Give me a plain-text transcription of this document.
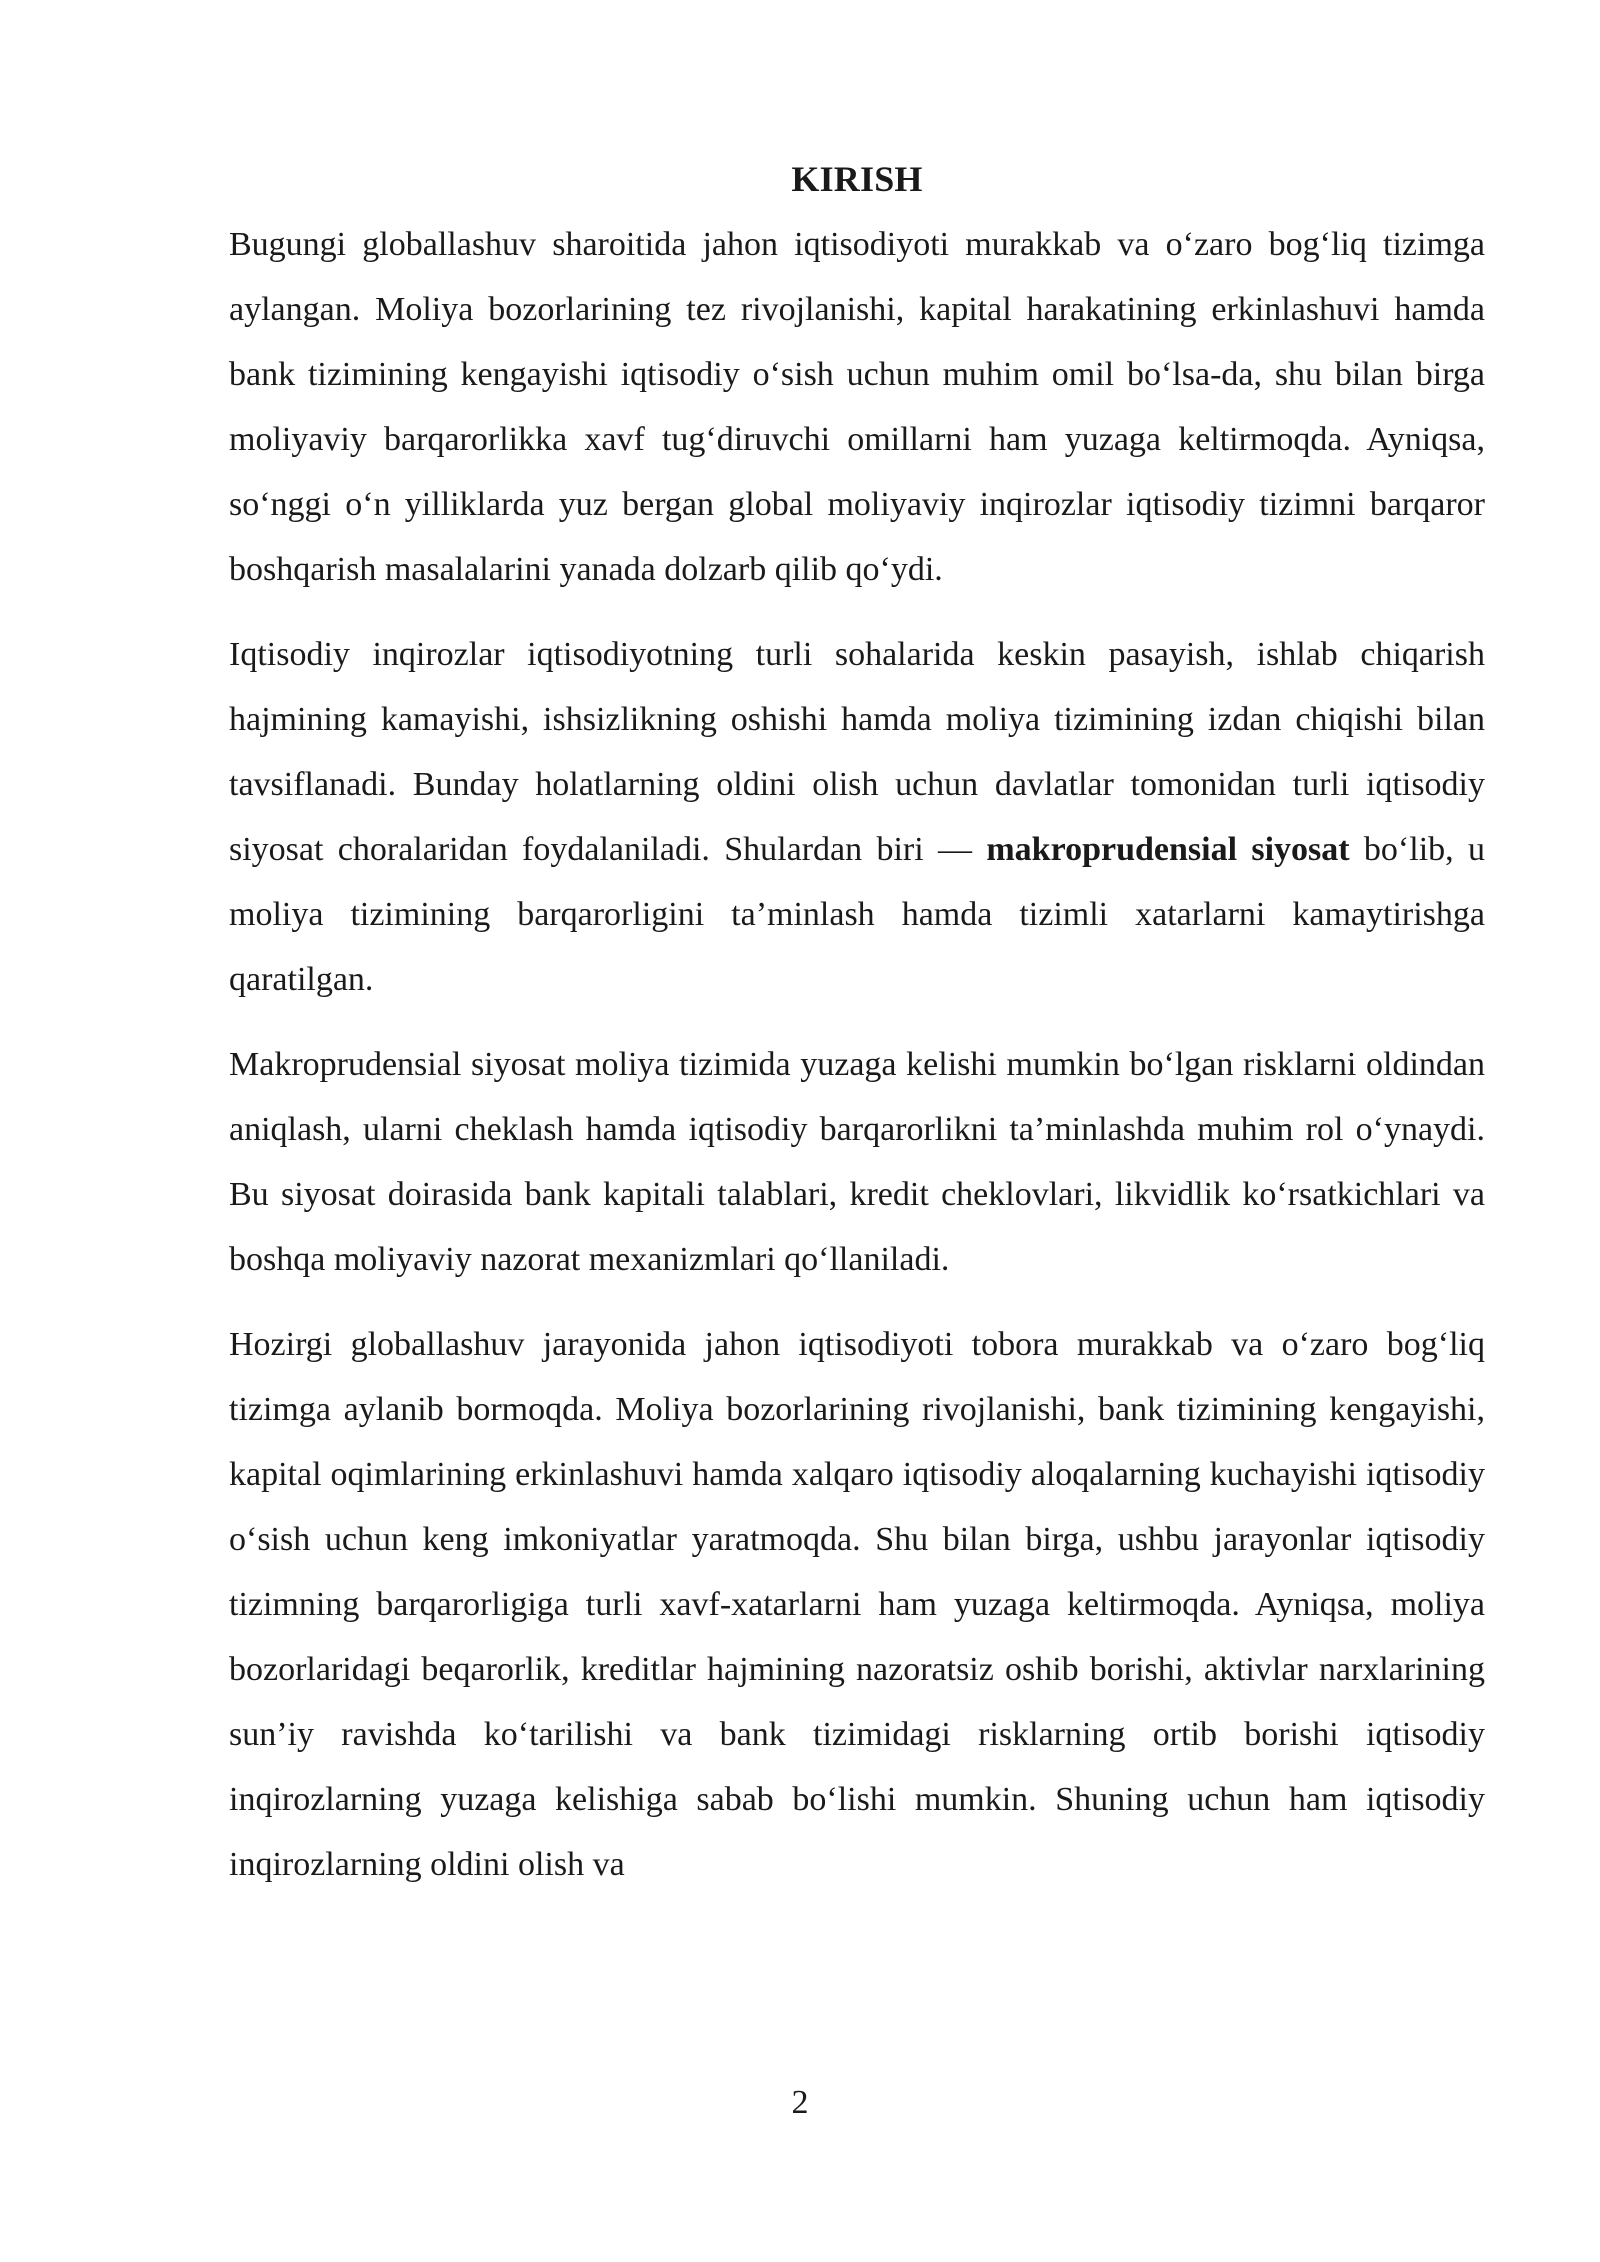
KIRISH

Bugungi globallashuv sharoitida jahon iqtisodiyoti murakkab va o‘zaro bog‘liq tizimga aylangan. Moliya bozorlarining tez rivojlanishi, kapital harakatining erkinlashuvi hamda bank tizimining kengayishi iqtisodiy o‘sish uchun muhim omil bo‘lsa-da, shu bilan birga moliyaviy barqarorlikka xavf tug‘diruvchi omillarni ham yuzaga keltirmoqda. Ayniqsa, so‘nggi o‘n yilliklarda yuz bergan global moliyaviy inqirozlar iqtisodiy tizimni barqaror boshqarish masalalarini yanada dolzarb qilib qo‘ydi.

Iqtisodiy inqirozlar iqtisodiyotning turli sohalarida keskin pasayish, ishlab chiqarish hajmining kamayishi, ishsizlikning oshishi hamda moliya tizimining izdan chiqishi bilan tavsiflanadi. Bunday holatlarning oldini olish uchun davlatlar tomonidan turli iqtisodiy siyosat choralaridan foydalaniladi. Shulardan biri — makroprudensial siyosat bo‘lib, u moliya tizimining barqarorligini ta’minlash hamda tizimli xatarlarni kamaytirishga qaratilgan.

Makroprudensial siyosat moliya tizimida yuzaga kelishi mumkin bo‘lgan risklarni oldindan aniqlash, ularni cheklash hamda iqtisodiy barqarorlikni ta’minlashda muhim rol o‘ynaydi. Bu siyosat doirasida bank kapitali talablari, kredit cheklovlari, likvidlik ko‘rsatkichlari va boshqa moliyaviy nazorat mexanizmlari qo‘llaniladi.

Hozirgi globallashuv jarayonida jahon iqtisodiyoti tobora murakkab va o‘zaro bog‘liq tizimga aylanib bormoqda. Moliya bozorlarining rivojlanishi, bank tizimining kengayishi, kapital oqimlarining erkinlashuvi hamda xalqaro iqtisodiy aloqalarning kuchayishi iqtisodiy o‘sish uchun keng imkoniyatlar yaratmoqda. Shu bilan birga, ushbu jarayonlar iqtisodiy tizimning barqarorligiga turli xavf-xatarlarni ham yuzaga keltirmoqda. Ayniqsa, moliya bozorlaridagi beqarorlik, kreditlar hajmining nazoratsiz oshib borishi, aktivlar narxlarining sun’iy ravishda ko‘tarilishi va bank tizimidagi risklarning ortib borishi iqtisodiy inqirozlarning yuzaga kelishiga sabab bo‘lishi mumkin. Shuning uchun ham iqtisodiy inqirozlarning oldini olish va

2
